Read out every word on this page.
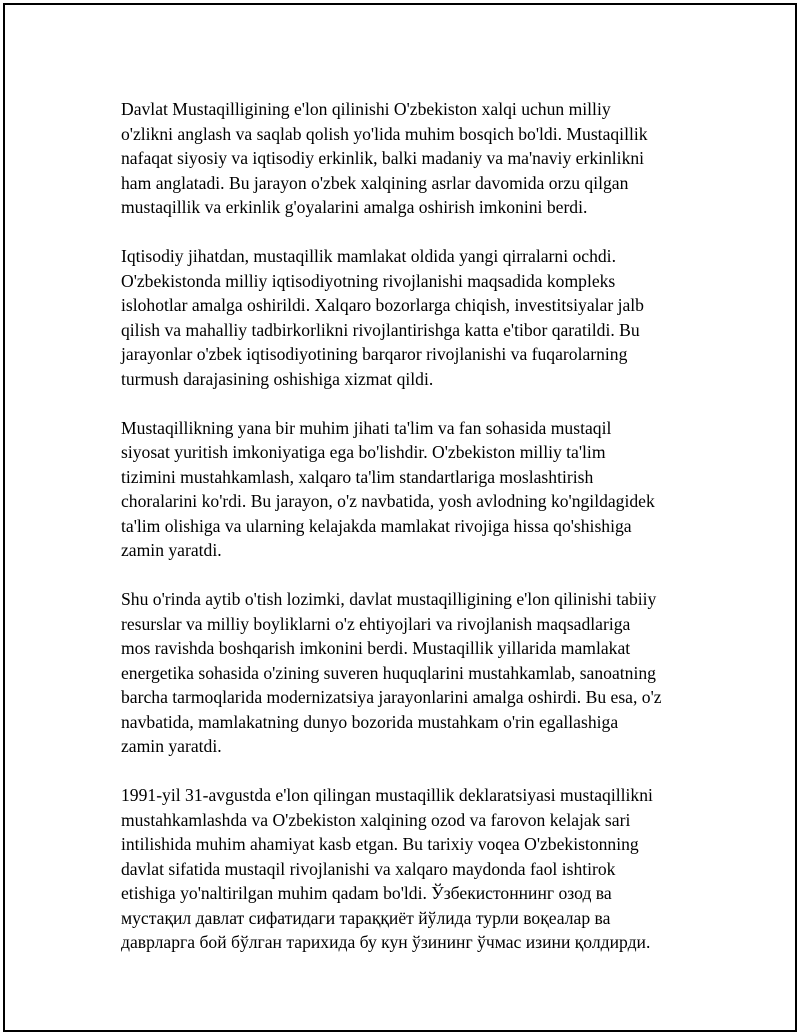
Davlat Mustaqilligining e'lon qilinishi O'zbekiston xalqi uchun milliy
o'zlikni anglash va saqlab qolish yo'lida muhim bosqich bo'ldi. Mustaqillik
nafaqat siyosiy va iqtisodiy erkinlik, balki madaniy va ma'naviy erkinlikni
ham anglatadi. Bu jarayon o'zbek xalqining asrlar davomida orzu qilgan
mustaqillik va erkinlik g'oyalarini amalga oshirish imkonini berdi.

Iqtisodiy jihatdan, mustaqillik mamlakat oldida yangi qirralarni ochdi.
O'zbekistonda milliy iqtisodiyotning rivojlanishi maqsadida kompleks
islohotlar amalga oshirildi. Xalqaro bozorlarga chiqish, investitsiyalar jalb
qilish va mahalliy tadbirkorlikni rivojlantirishga katta e'tibor qaratildi. Bu
jarayonlar o'zbek iqtisodiyotining barqaror rivojlanishi va fuqarolarning
turmush darajasining oshishiga xizmat qildi.

Mustaqillikning yana bir muhim jihati ta'lim va fan sohasida mustaqil
siyosat yuritish imkoniyatiga ega bo'lishdir. O'zbekiston milliy ta'lim
tizimini mustahkamlash, xalqaro ta'lim standartlariga moslashtirish
choralarini ko'rdi. Bu jarayon, o'z navbatida, yosh avlodning ko'ngildagidek
ta'lim olishiga va ularning kelajakda mamlakat rivojiga hissa qo'shishiga
zamin yaratdi.

Shu o'rinda aytib o'tish lozimki, davlat mustaqilligining e'lon qilinishi tabiiy
resurslar va milliy boyliklarni o'z ehtiyojlari va rivojlanish maqsadlariga
mos ravishda boshqarish imkonini berdi. Mustaqillik yillarida mamlakat
energetika sohasida o'zining suveren huquqlarini mustahkamlab, sanoatning
barcha tarmoqlarida modernizatsiya jarayonlarini amalga oshirdi. Bu esa, o'z
navbatida, mamlakatning dunyo bozorida mustahkam o'rin egallashiga
zamin yaratdi.

1991-yil 31-avgustda e'lon qilingan mustaqillik deklaratsiyasi mustaqillikni
mustahkamlashda va O'zbekiston xalqining ozod va farovon kelajak sari
intilishida muhim ahamiyat kasb etgan. Bu tarixiy voqea O'zbekistonning
davlat sifatida mustaqil rivojlanishi va xalqaro maydonda faol ishtirok
etishiga yo'naltirilgan muhim qadam bo'ldi. Ўзбекистоннинг озод ва
мустақил давлат сифатидаги тараққиёт йўлида турли воқеалар ва
даврларга бой бўлган тарихида бу кун ўзининг ўчмас изини қолдирди.
